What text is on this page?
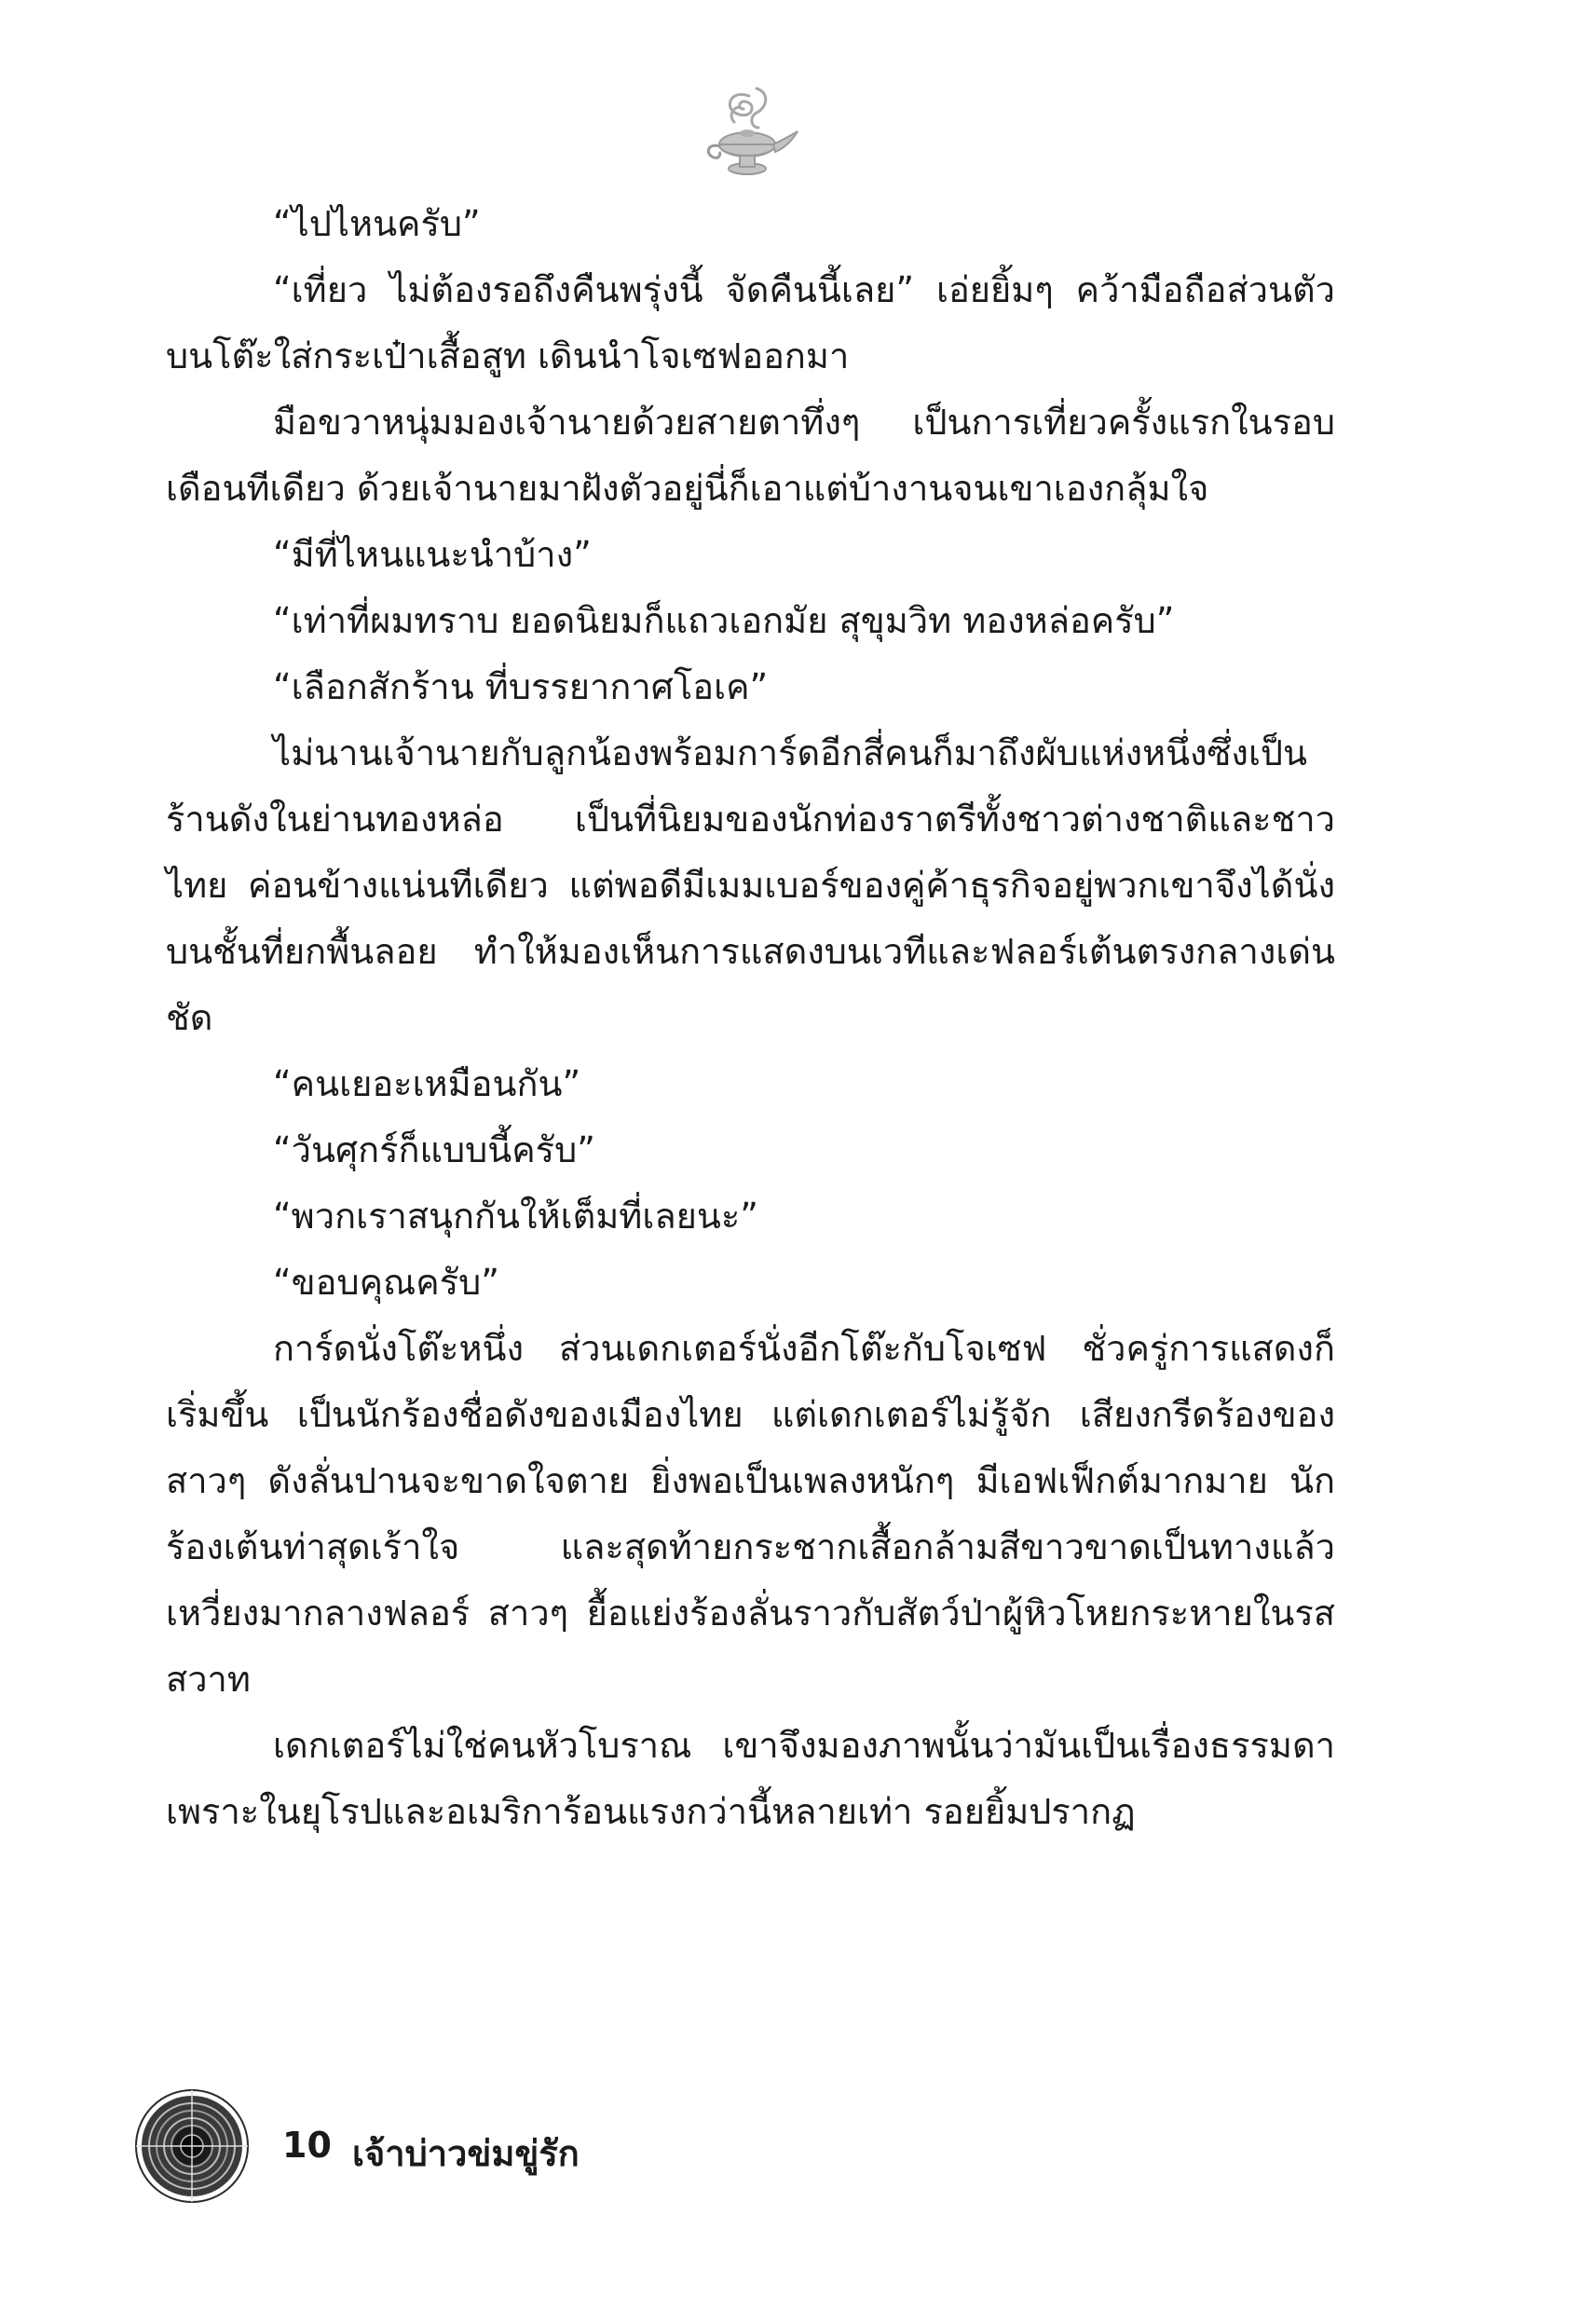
“ไปไหนครับ”

“เที่ยว ไม่ต้องรอถึงคืนพรุ่งนี้ จัดคืนนี้เลย” เอ่ยยิ้มๆ คว้ามือถือส่วนตัวบนโต๊ะใส่กระเป๋าเสื้อสูท เดินนำโจเซฟออกมา

มือขวาหนุ่มมองเจ้านายด้วยสายตาทึ่งๆ เป็นการเที่ยวครั้งแรกในรอบเดือนทีเดียว ด้วยเจ้านายมาฝังตัวอยู่นี่ก็เอาแต่บ้างานจนเขาเองกลุ้มใจ

“มีที่ไหนแนะนำบ้าง”

“เท่าที่ผมทราบ ยอดนิยมก็แถวเอกมัย สุขุมวิท ทองหล่อครับ”

“เลือกสักร้าน ที่บรรยากาศโอเค”

ไม่นานเจ้านายกับลูกน้องพร้อมการ์ดอีกสี่คนก็มาถึงผับแห่งหนึ่งซึ่งเป็นร้านดังในย่านทองหล่อ เป็นที่นิยมของนักท่องราตรีทั้งชาวต่างชาติและชาวไทย ค่อนข้างแน่นทีเดียว แต่พอดีมีเมมเบอร์ของคู่ค้าธุรกิจอยู่พวกเขาจึงได้นั่งบนชั้นที่ยกพื้นลอย ทำให้มองเห็นการแสดงบนเวทีและฟลอร์เต้นตรงกลางเด่นชัด

“คนเยอะเหมือนกัน”

“วันศุกร์ก็แบบนี้ครับ”

“พวกเราสนุกกันให้เต็มที่เลยนะ”

“ขอบคุณครับ”

การ์ดนั่งโต๊ะหนึ่ง ส่วนเดกเตอร์นั่งอีกโต๊ะกับโจเซฟ ชั่วครู่การแสดงก็เริ่มขึ้น เป็นนักร้องชื่อดังของเมืองไทย แต่เดกเตอร์ไม่รู้จัก เสียงกรีดร้องของสาวๆ ดังลั่นปานจะขาดใจตาย ยิ่งพอเป็นเพลงหนักๆ มีเอฟเฟ็กต์มากมาย นักร้องเต้นท่าสุดเร้าใจ และสุดท้ายกระชากเสื้อกล้ามสีขาวขาดเป็นทางแล้วเหวี่ยงมากลางฟลอร์ สาวๆ ยื้อแย่งร้องลั่นราวกับสัตว์ป่าผู้หิวโหยกระหายในรสสวาท

เดกเตอร์ไม่ใช่คนหัวโบราณ เขาจึงมองภาพนั้นว่ามันเป็นเรื่องธรรมดา เพราะในยุโรปและอเมริการ้อนแรงกว่านี้หลายเท่า รอยยิ้มปรากฏ

10 เจ้าบ่าวข่มขู่รัก
